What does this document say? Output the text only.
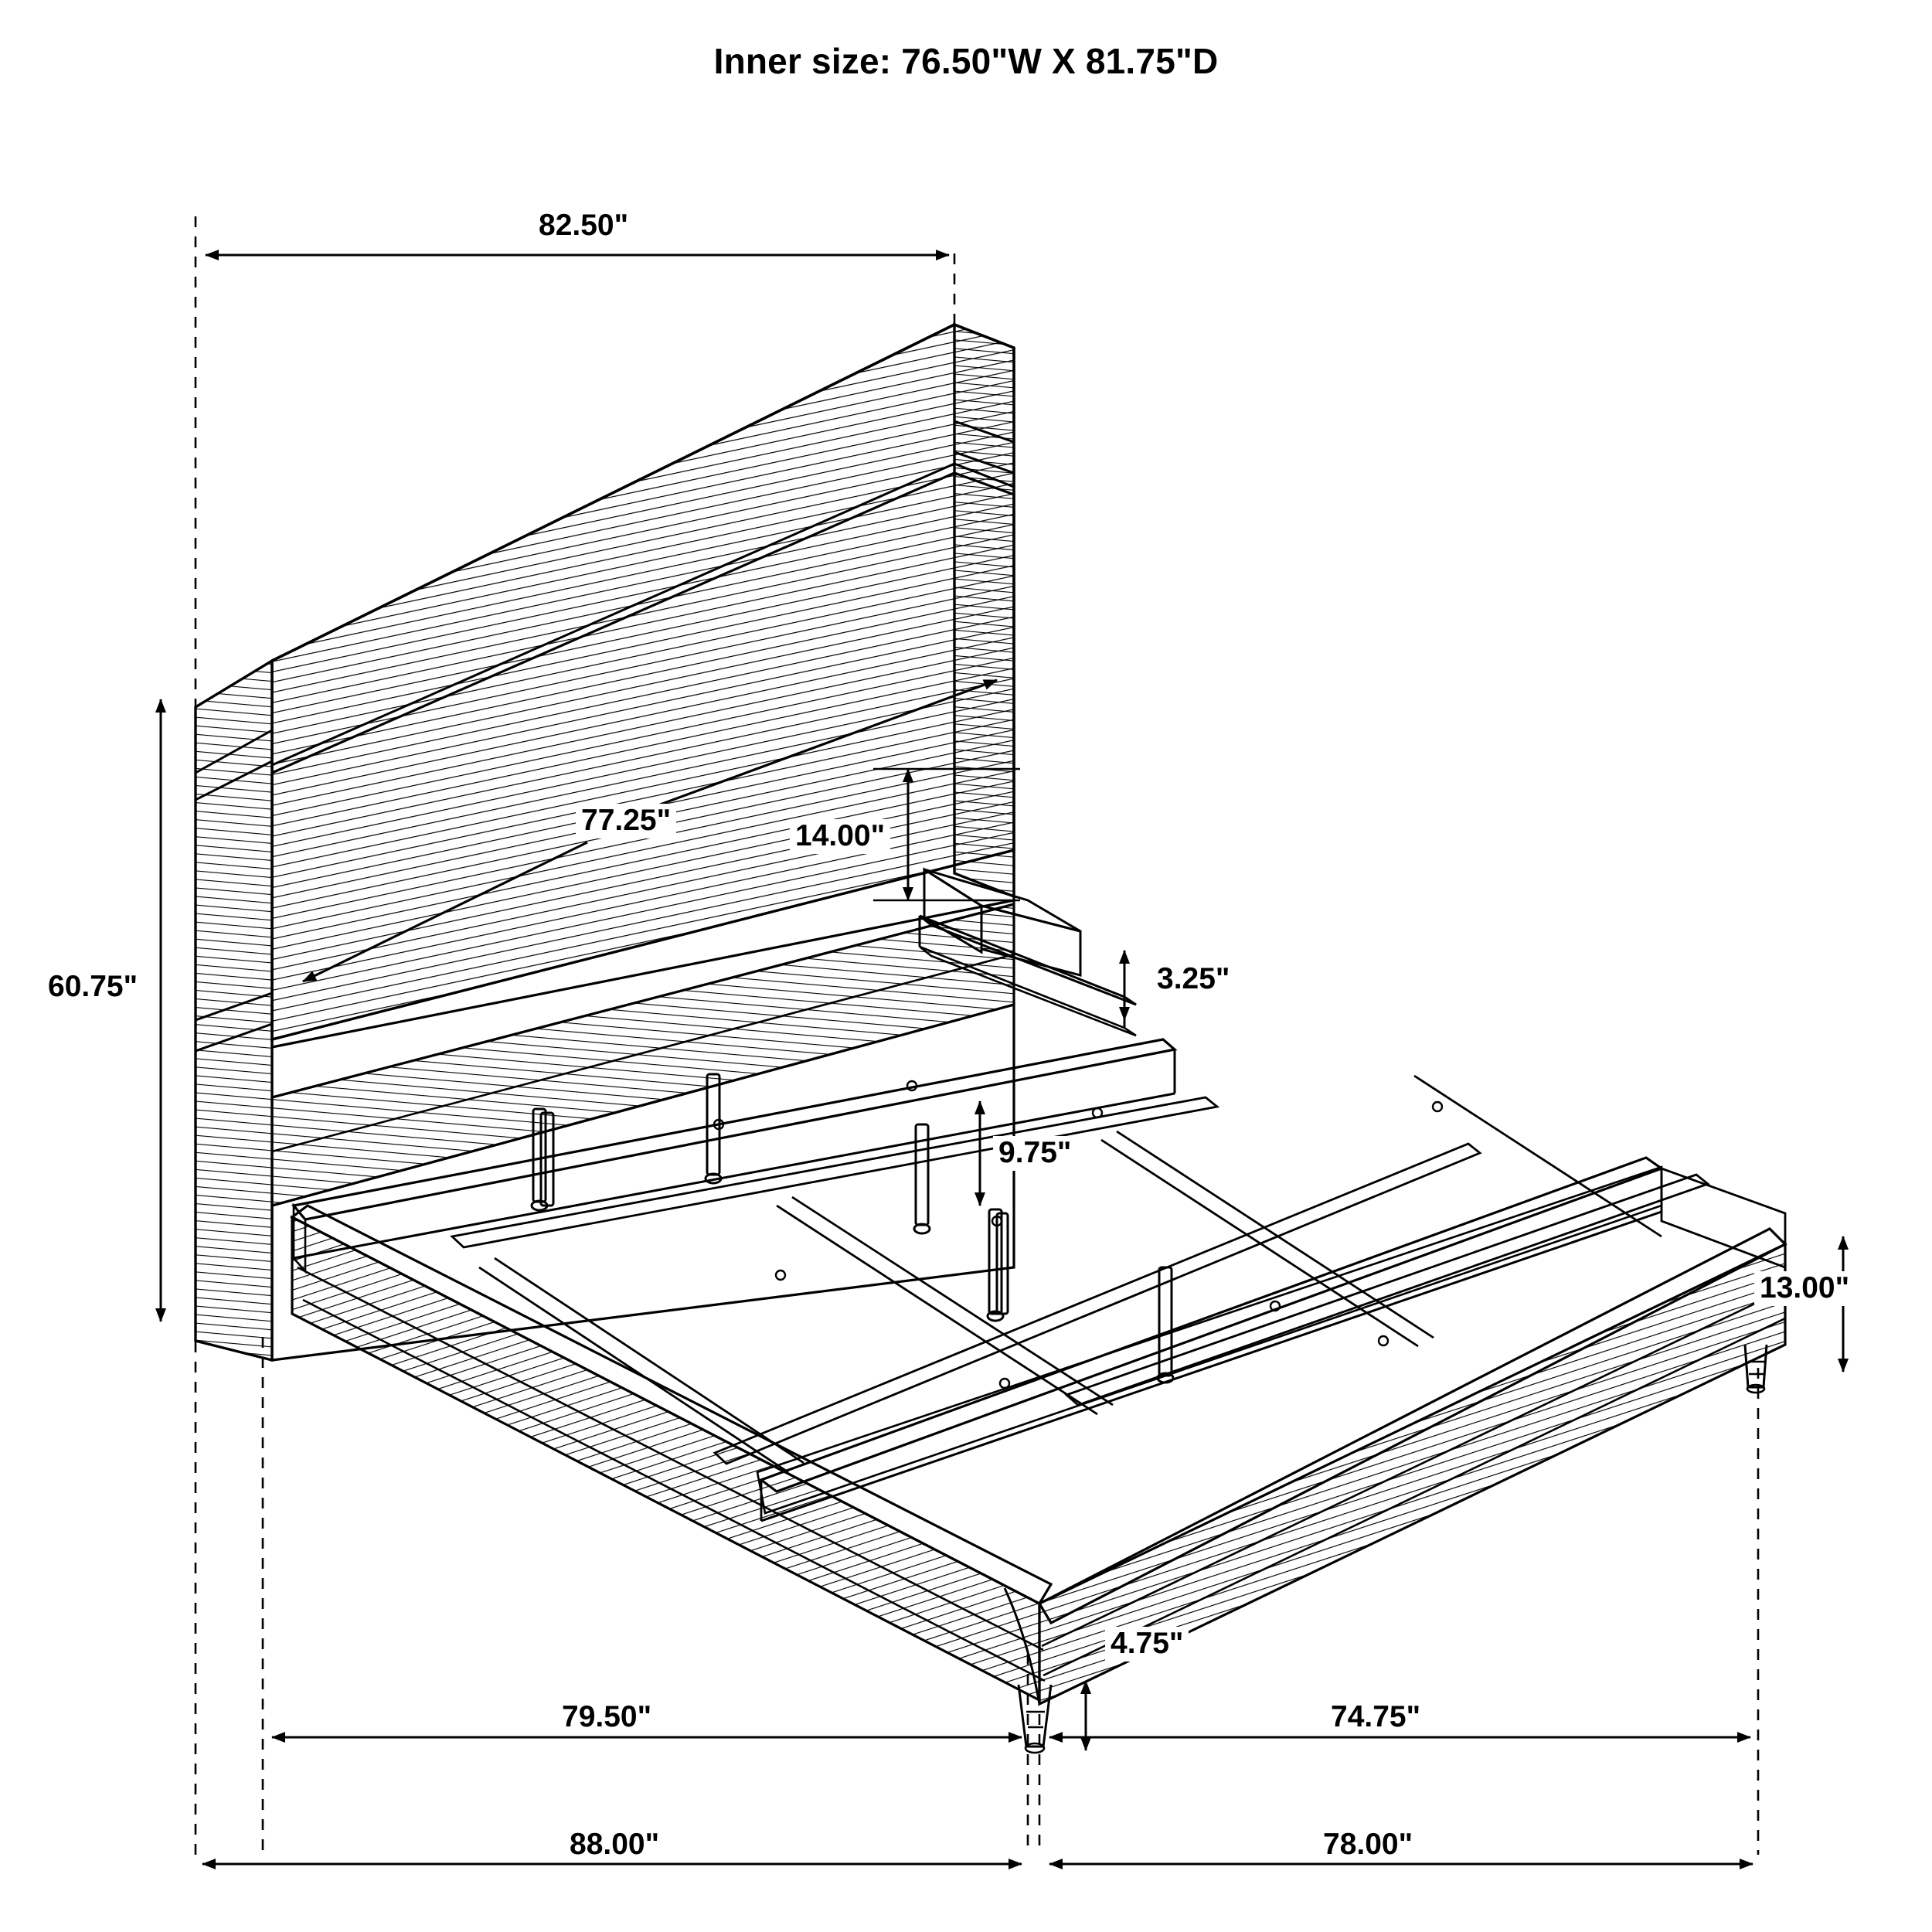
Inner size: 76.50"W X 81.75"D
82.50"
77.25"
60.75"
14.00"
3.25"
9.75"
13.00"
4.75"
79.50"	74.75"
88.00"	78.00"
